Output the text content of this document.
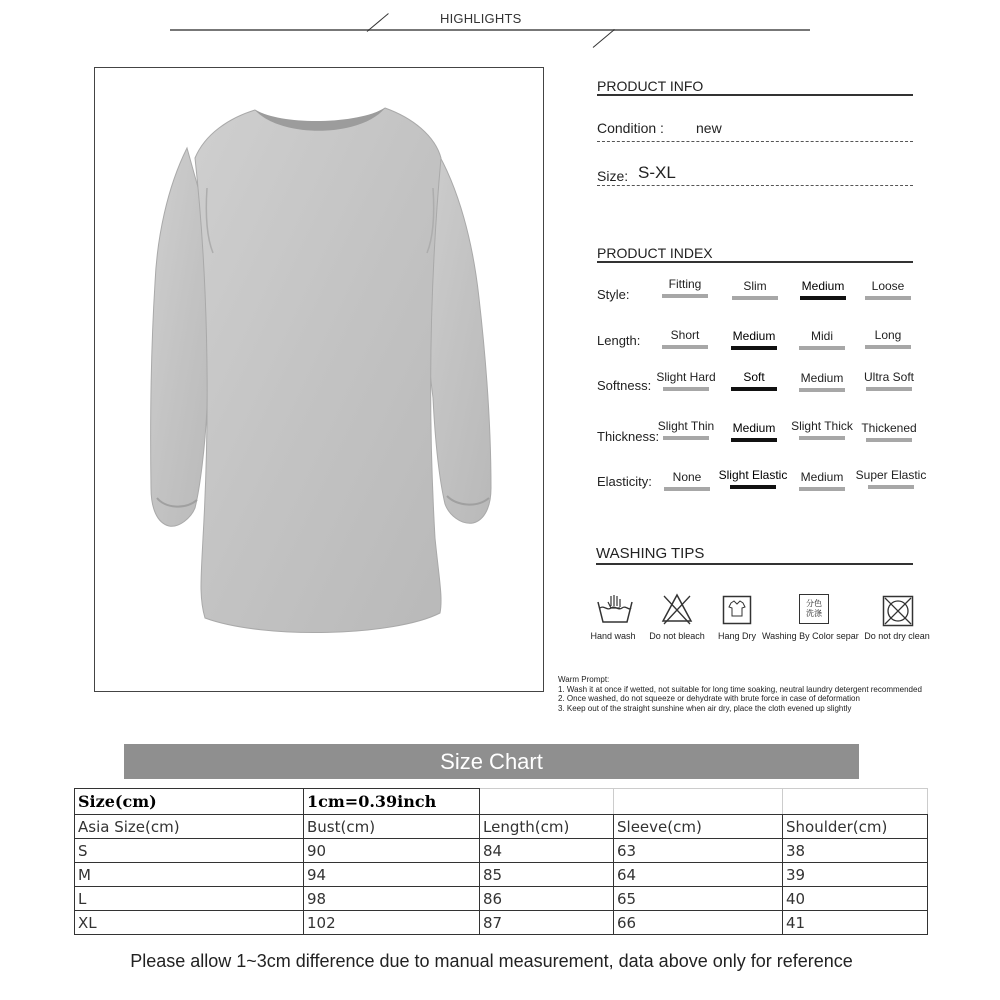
HIGHLIGHTS
PRODUCT INFO
Condition : new
Size: S-XL
PRODUCT INDEX
Style:
Fitting	Slim	Medium	Loose
Length:	Short	Medium	Midi	Long
Softness:
Slight Hard	Soft	Medium	Ultra Soft
Thickness:
Slight Thin	Medium	Slight Thick Thickened
Elasticity:	None	Slight Elastic	Medium	Super Elastic
WASHING TIPS
Hand wash	Do not bleach	Hang Dry
分色
洗涤
Washing By Color separ Do not dry clean
Warm Prompt:
1. Wash it at once if wetted, not suitable for long time soaking, neutral laundry detergent recommended
2. Once washed, do not squeeze or dehydrate with brute force in case of deformation
3. Keep out of the straight sunshine when air dry, place the cloth evened up slightly
Size Chart
Size(cm)	1cm=0.39inch			
Asia Size(cm)	Bust(cm)	Length(cm)	Sleeve(cm)	Shoulder(cm)
S	90	84	63	38
M	94	85	64	39
L	98	86	65	40
XL	102	87	66	41
Please allow 1~3cm difference due to manual measurement, data above only for reference
